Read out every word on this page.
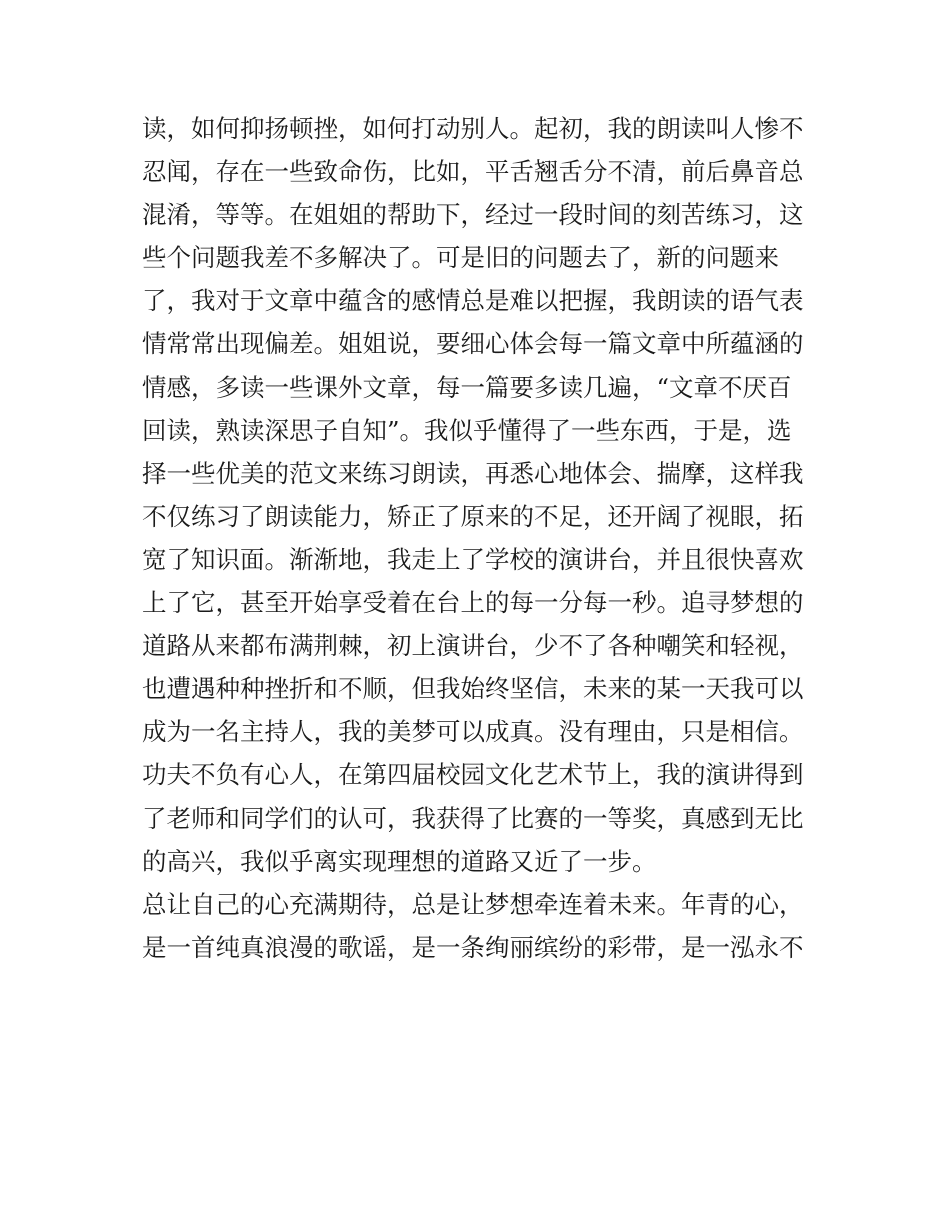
读，如何抑扬顿挫，如何打动别人。起初，我的朗读叫人惨不
忍闻，存在一些致命伤，比如，平舌翘舌分不清，前后鼻音总
混淆，等等。在姐姐的帮助下，经过一段时间的刻苦练习，这
些个问题我差不多解决了。可是旧的问题去了，新的问题来
了，我对于文章中蕴含的感情总是难以把握，我朗读的语气表
情常常出现偏差。姐姐说，要细心体会每一篇文章中所蕴涵的
情感，多读一些课外文章，每一篇要多读几遍，“文章不厌百
回读，熟读深思子自知”。我似乎懂得了一些东西，于是，选
择一些优美的范文来练习朗读，再悉心地体会、揣摩，这样我
不仅练习了朗读能力，矫正了原来的不足，还开阔了视眼，拓
宽了知识面。渐渐地，我走上了学校的演讲台，并且很快喜欢
上了它，甚至开始享受着在台上的每一分每一秒。追寻梦想的
道路从来都布满荆棘，初上演讲台，少不了各种嘲笑和轻视，
也遭遇种种挫折和不顺，但我始终坚信，未来的某一天我可以
成为一名主持人，我的美梦可以成真。没有理由，只是相信。
功夫不负有心人，在第四届校园文化艺术节上，我的演讲得到
了老师和同学们的认可，我获得了比赛的一等奖，真感到无比
的高兴，我似乎离实现理想的道路又近了一步。
总让自己的心充满期待，总是让梦想牵连着未来。年青的心，
是一首纯真浪漫的歌谣，是一条绚丽缤纷的彩带，是一泓永不
